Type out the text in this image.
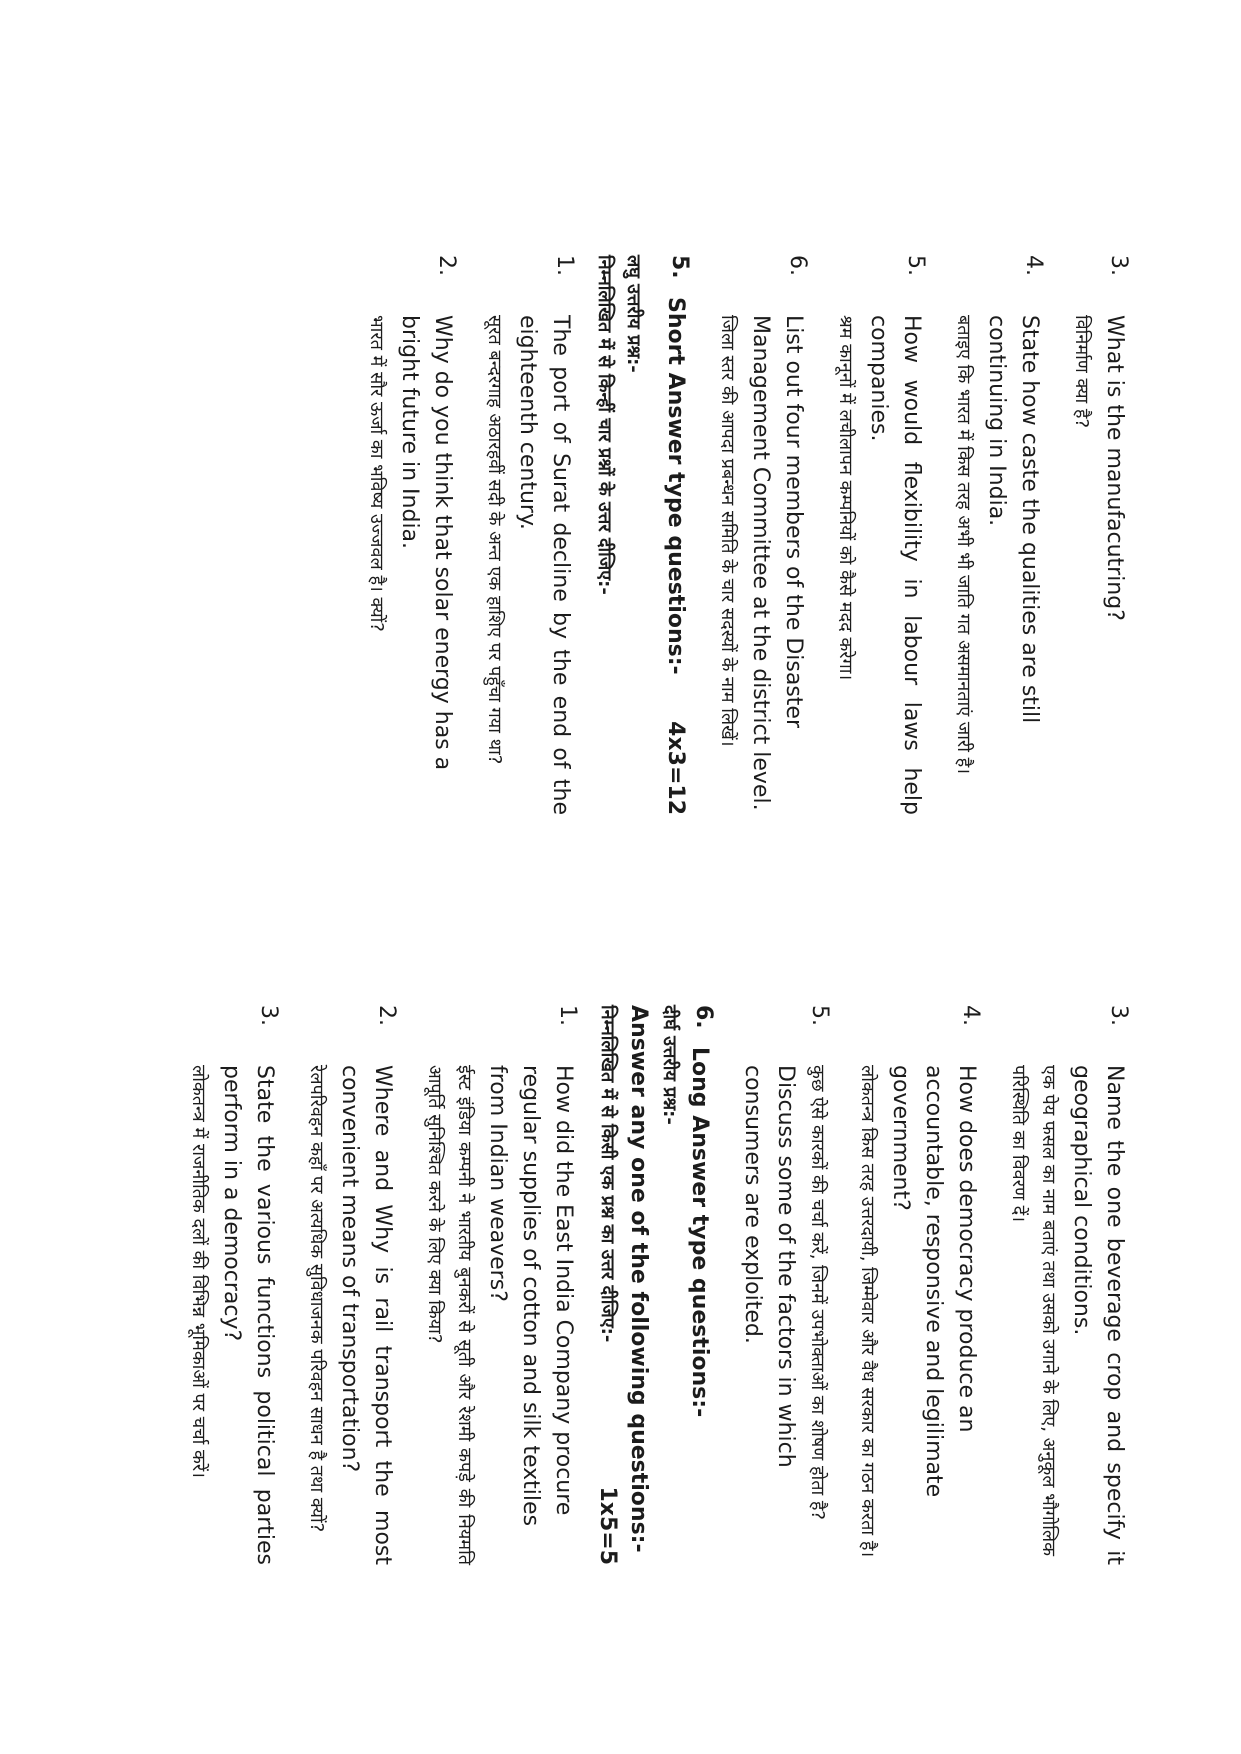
3.

What is the manufacutring?

विनिर्माण क्या है?

4.

State how caste the qualities are still continuing in India.

बताइए कि भारत में किस तरह अभी भी जाति गत असमानताएं जारी है।

5.

How would flexibility in labour laws help companies.

श्रम कानूनों में लचीलापन कम्पनियों को कैसे मदद करेगा।

6.

List out four members of the Disaster Management Committee at the district level.

जिला स्तर की आपदा प्रबन्धन समिति के चार सदस्यों के नाम लिखें।

5.

Short Answer type questions:-
4x3=12

लघु उत्तरीय प्रश्न:-

निम्नलिखित में से किन्हीं चार प्रश्नों के उत्तर दीजिए:-

1.

The port of Surat decline by the end of the eighteenth century.

सूरत बन्दरगाह अठारहवीं सदी के अन्त एक हाशिए पर पहुँचा गया था?

2.

Why do you think that solar energy has a bright future in India.

भारत में सौर ऊर्जा का भविष्य उज्जवल है। क्यों?

3.

Name the one beverage crop and specify it geographical conditions.

एक पेय फसल का नाम बताएं तथा उसको उगाने के लिए, अनुकूल भौगोलिक परिस्थिति का विवरण दें।

4.

How does democracy produce an accountable, responsive and legilimate government?

लोकतन्त्र किस तरह उत्तरदायी, जिम्मेवार और वैध सरकार का गठन करता है।

5.

कुछ ऐसे कारकों की चर्चा करें, जिनमें उपभोक्ताओं का शोषण होता है?

Discuss some of the factors in which consumers are exploited.

6.

Long Answer type questions:-

दीर्घ उत्तरीय प्रश्न:-

Answer any one of the following questions:-

निम्नलिखित में से किसी एक प्रश्न का उत्तर दीजिए:-
1x5=5

1.

How did the East India Company procure regular supplies of cotton and silk textiles from Indian weavers?

ईस्ट इंडिया कम्पनी ने भारतीय बुनकरों से सूती और रेशमी कपड़े की नियमति आपूर्ति सुनिश्चित करने के लिए क्या किया?

2.

Where and Why is rail transport the most convenient means of transportation?

रेलपरिवहन कहाँ पर अत्यधिक सुविधाजनक परिवहन साधन है तथा क्यों?

3.

State the various functions political parties perform in a democracy?

लोकतन्त्र में राजनीतिक दलों की विभिन्न भूमिकाओं पर चर्चा करें।
